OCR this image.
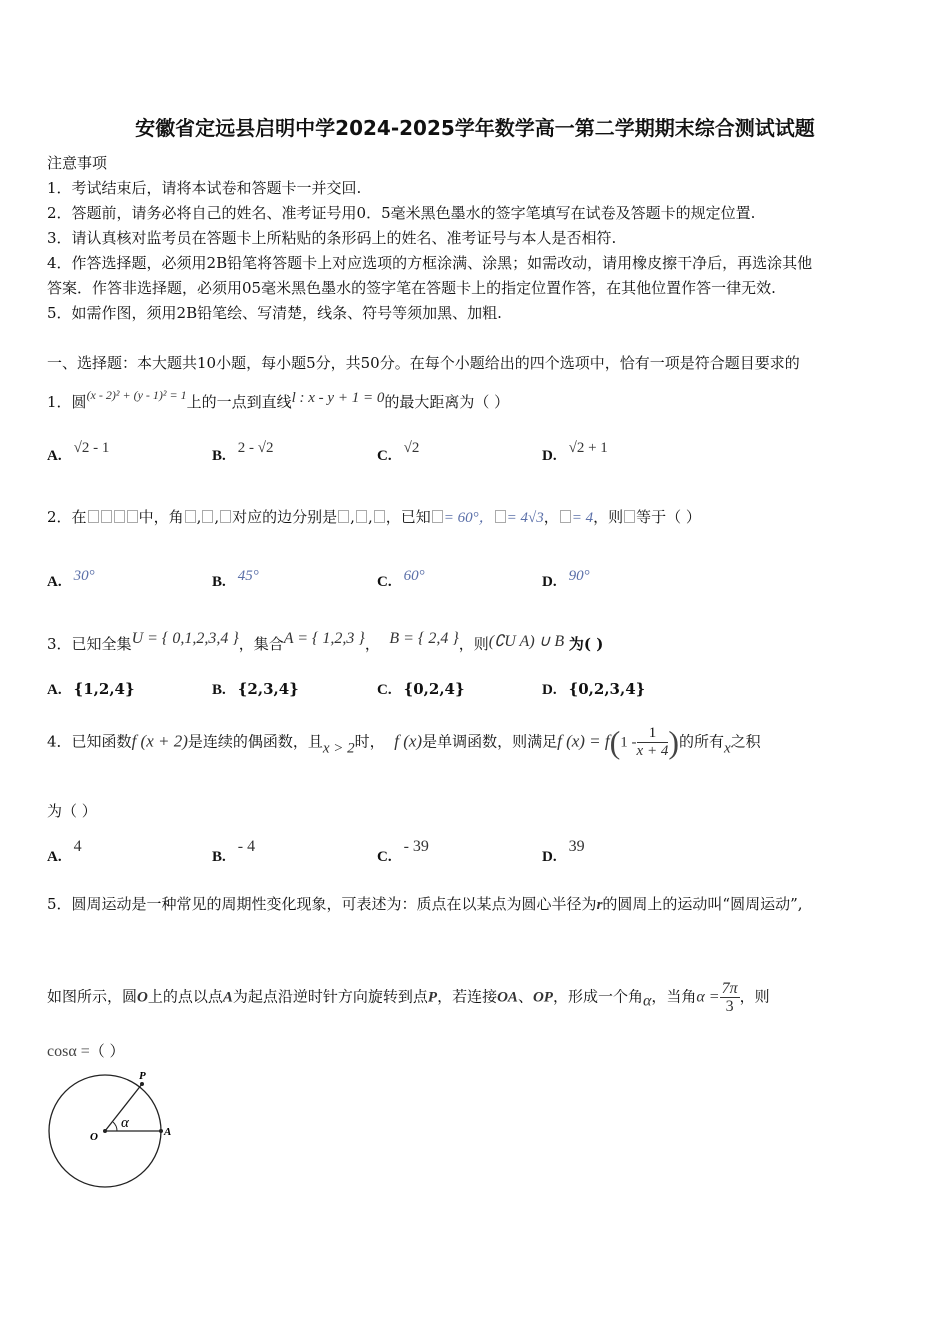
安徽省定远县启明中学2024-2025学年数学高一第二学期期末综合测试试题
注意事项
1．考试结束后，请将本试卷和答题卡一并交回.
2．答题前，请务必将自己的姓名、准考证号用0．5毫米黑色墨水的签字笔填写在试卷及答题卡的规定位置.
3．请认真核对监考员在答题卡上所粘贴的条形码上的姓名、准考证号与本人是否相符.
4．作答选择题，必须用2B铅笔将答题卡上对应选项的方框涂满、涂黑；如需改动，请用橡皮擦干净后，再选涂其他
答案．作答非选择题，必须用05毫米黑色墨水的签字笔在答题卡上的指定位置作答，在其他位置作答一律无效.
5．如需作图，须用2B铅笔绘、写清楚，线条、符号等须加黑、加粗.
一、选择题：本大题共10小题，每小题5分，共50分。在每个小题给出的四个选项中，恰有一项是符合题目要求的
1．圆$^{(x - 2)^2 + (y - 1)^2 = 1}$上的一点到直线l : x - y + 1 = 0的最大距离为（ ）
A. √2 - 1	B. 2 - √2	C. √2	D. √2 + 1
2．在	中，角 , , 对应的边分别是 , , ，已知 = 60°， = 4√3， = 4，则 等于（ ）
A. 30°	B. 45°	C. 60°	D. 90°
3．已知全集U = { 0,1,2,3,4 }，集合A = { 1,2,3 }， B = { 2,4 }，则(∁U A) ∪ B 为( )
A. {1,2,4}	B. {2,3,4}	C. {0,2,4}	D. {0,2,3,4}
4．已知函数f (x + 2)是连续的偶函数，且x > 2时， f (x)是单调函数，则满足f $(x) = f(1 - \frac{1}{x + 4}$ )的所有x之积
为（ ）
A.4
B.- 4
C.- 39
D.39
5．圆周运动是一种常见的周期性变化现象，可表述为：质点在以某点为圆心半径为r的圆周上的运动叫“圆周运动”,
如图所示，圆O上的点以点A为起点沿逆时针方向旋转到点P，若连接OA、OP，形成一个角α，当角$\alpha = \frac{7\pi}{3}$ ，则
cosα =（ ）
O	A
P
α
